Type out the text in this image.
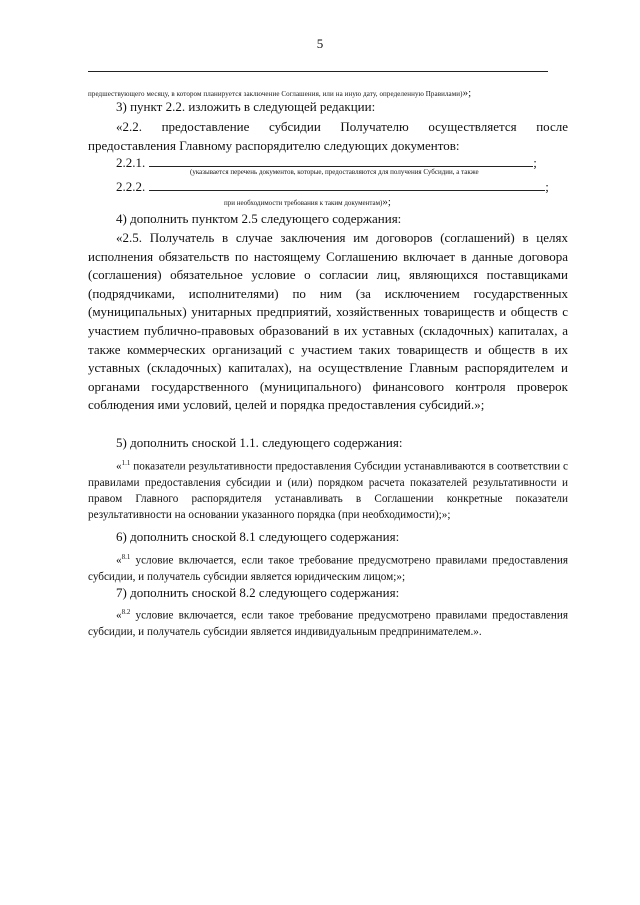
5
предшествующего месяцу, в котором планируется заключение Соглашения, или на иную дату, определенную Правилами)»;
3) пункт 2.2. изложить в следующей редакции:
«2.2. предоставление субсидии Получателю осуществляется после предоставления Главному распорядителю следующих документов:
2.2.1.	;
(указывается перечень документов, которые, предоставляются для получения Субсидии, а также
2.2.2.	;
при необходимости требования к таким документам)»;
4) дополнить пунктом 2.5 следующего содержания:
«2.5. Получатель в случае заключения им договоров (соглашений) в целях исполнения обязательств по настоящему Соглашению включает в данные договора (соглашения) обязательное условие о согласии лиц, являющихся поставщиками (подрядчиками, исполнителями) по ним (за исключением государственных (муниципальных) унитарных предприятий, хозяйственных товариществ и обществ с участием публично-правовых образований в их уставных (складочных) капиталах, а также коммерческих организаций с участием таких товариществ и обществ в их уставных (складочных) капиталах), на осуществление Главным распорядителем и органами государственного (муниципального) финансового контроля проверок соблюдения ими условий, целей и порядка предоставления субсидий.»;
5) дополнить сноской 1.1. следующего содержания:
«$^{1.1}$ показатели результативности предоставления Субсидии устанавливаются в соответствии с правилами предоставления субсидии и (или) порядком расчета показателей результативности и правом Главного распорядителя устанавливать в Соглашении конкретные показатели результативности на основании указанного порядка (при необходимости);»;
6) дополнить сноской 8.1 следующего содержания:
«$^{8.1}$ условие включается, если такое требование предусмотрено правилами предоставления субсидии, и получатель субсидии является юридическим лицом;»;
7) дополнить сноской 8.2 следующего содержания:
«$^{8.2}$ условие включается, если такое требование предусмотрено правилами предоставления субсидии, и получатель субсидии является индивидуальным предпринимателем.».
